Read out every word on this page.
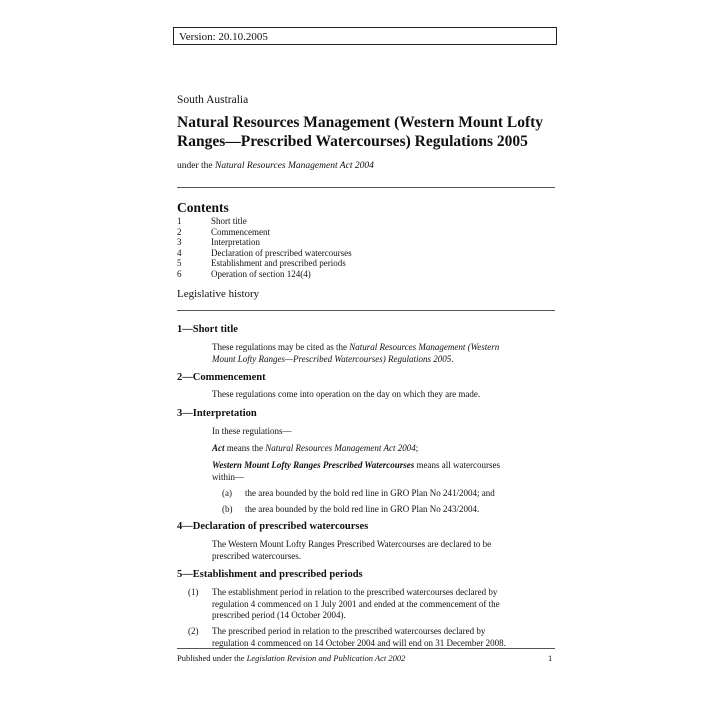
Version: 20.10.2005
South Australia
Natural Resources Management (Western Mount Lofty Ranges—Prescribed Watercourses) Regulations 2005
under the Natural Resources Management Act 2004
Contents
1	Short title
2	Commencement
3	Interpretation
4	Declaration of prescribed watercourses
5	Establishment and prescribed periods
6	Operation of section 124(4)
Legislative history
1—Short title
These regulations may be cited as the Natural Resources Management (Western
Mount Lofty Ranges—Prescribed Watercourses) Regulations 2005.
2—Commencement
These regulations come into operation on the day on which they are made.
3—Interpretation
In these regulations—
Act means the Natural Resources Management Act 2004;
Western Mount Lofty Ranges Prescribed Watercourses means all watercourses
within—
(a) the area bounded by the bold red line in GRO Plan No 241/2004; and
(b) the area bounded by the bold red line in GRO Plan No 243/2004.
4—Declaration of prescribed watercourses
The Western Mount Lofty Ranges Prescribed Watercourses are declared to be
prescribed watercourses.
5—Establishment and prescribed periods
(1) The establishment period in relation to the prescribed watercourses declared by
regulation 4 commenced on 1 July 2001 and ended at the commencement of the
prescribed period (14 October 2004).
(2) The prescribed period in relation to the prescribed watercourses declared by
regulation 4 commenced on 14 October 2004 and will end on 31 December 2008.
Published under the Legislation Revision and Publication Act 2002	1
